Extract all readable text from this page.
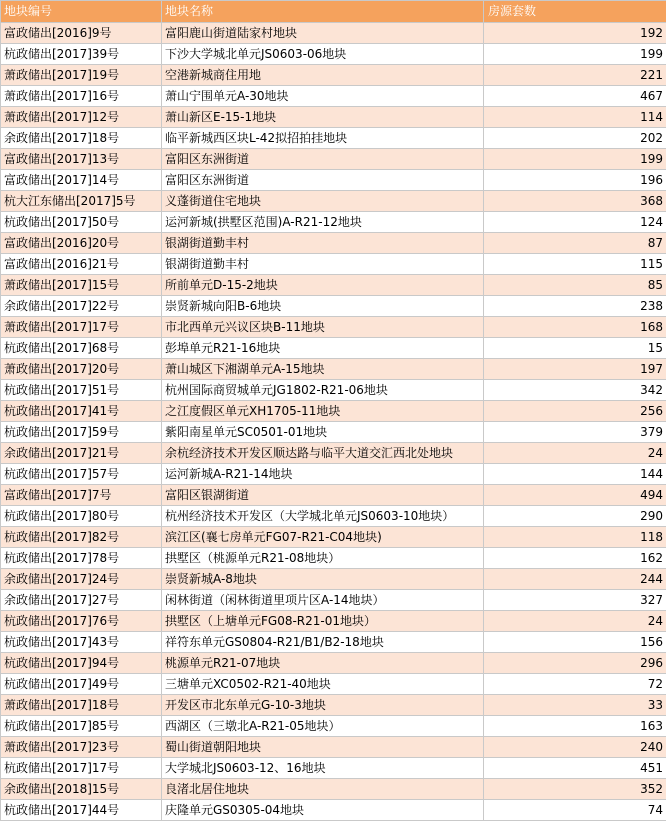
地块编号	地块名称	房源套数
富政储出[2016]9号	富阳鹿山街道陆家村地块	192
杭政储出[2017]39号	下沙大学城北单元JS0603-06地块	199
萧政储出[2017]19号	空港新城商住用地	221
萧政储出[2017]16号	萧山宁围单元A-30地块	467
萧政储出[2017]12号	萧山新区E-15-1地块	114
余政储出[2017]18号	临平新城西区块L-42拟招拍挂地块	202
富政储出[2017]13号	富阳区东洲街道	199
富政储出[2017]14号	富阳区东洲街道	196
杭大江东储出[2017]5号	义蓬街道住宅地块	368
杭政储出[2017]50号	运河新城(拱墅区范围)A-R21-12地块	124
富政储出[2016]20号	银湖街道勤丰村	87
富政储出[2016]21号	银湖街道勤丰村	115
萧政储出[2017]15号	所前单元D-15-2地块	85
余政储出[2017]22号	崇贤新城向阳B-6地块	238
萧政储出[2017]17号	市北西单元兴议区块B-11地块	168
杭政储出[2017]68号	彭埠单元R21-16地块	15
萧政储出[2017]20号	萧山城区下湘湖单元A-15地块	197
杭政储出[2017]51号	杭州国际商贸城单元JG1802-R21-06地块	342
杭政储出[2017]41号	之江度假区单元XH1705-11地块	256
杭政储出[2017]59号	紫阳南星单元SC0501-01地块	379
余政储出[2017]21号	余杭经济技术开发区顺达路与临平大道交汇西北处地块	24
杭政储出[2017]57号	运河新城A-R21-14地块	144
富政储出[2017]7号	富阳区银湖街道	494
杭政储出[2017]80号	杭州经济技术开发区（大学城北单元JS0603-10地块）	290
杭政储出[2017]82号	滨江区(襄七房单元FG07-R21-C04地块)	118
杭政储出[2017]78号	拱墅区（桃源单元R21-08地块）	162
余政储出[2017]24号	崇贤新城A-8地块	244
余政储出[2017]27号	闲林街道（闲林街道里项片区A-14地块）	327
杭政储出[2017]76号	拱墅区（上塘单元FG08-R21-01地块）	24
杭政储出[2017]43号	祥符东单元GS0804-R21/B1/B2-18地块	156
杭政储出[2017]94号	桃源单元R21-07地块	296
杭政储出[2017]49号	三塘单元XC0502-R21-40地块	72
萧政储出[2017]18号	开发区市北东单元G-10-3地块	33
杭政储出[2017]85号	西湖区（三墩北A-R21-05地块）	163
萧政储出[2017]23号	蜀山街道朝阳地块	240
杭政储出[2017]17号	大学城北JS0603-12、16地块	451
余政储出[2018]15号	良渚北居住地块	352
杭政储出[2017]44号	庆隆单元GS0305-04地块	74
